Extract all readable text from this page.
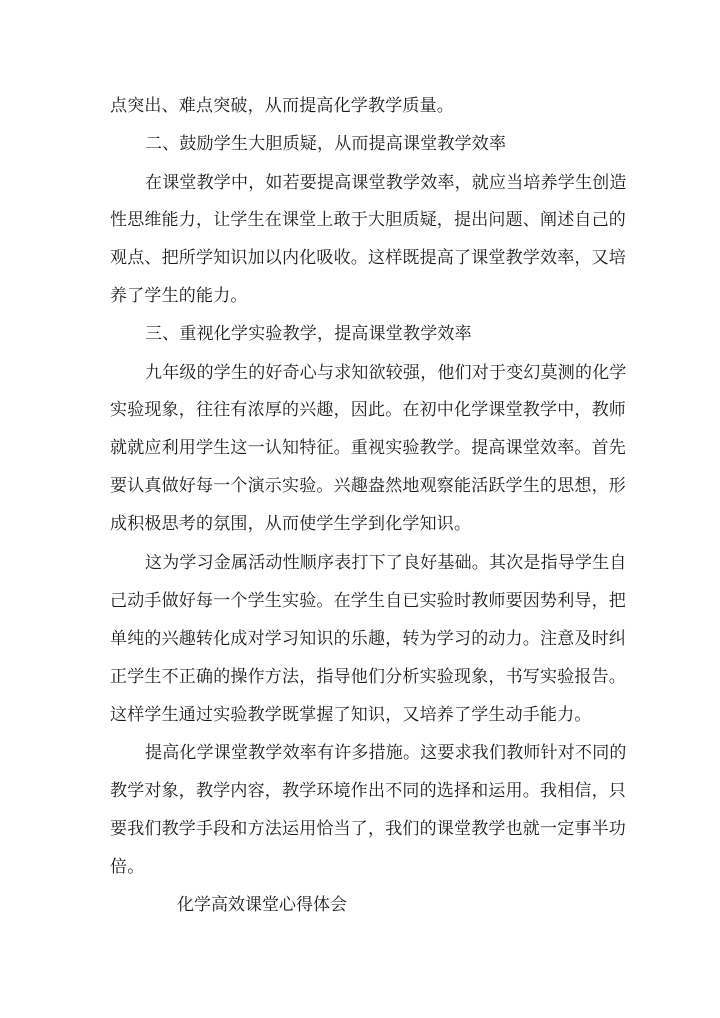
点突出、难点突破，从而提高化学教学质量。
二、鼓励学生大胆质疑，从而提高课堂教学效率
在课堂教学中，如若要提高课堂教学效率，就应当培养学生创造
性思维能力，让学生在课堂上敢于大胆质疑，提出问题、阐述自己的
观点、把所学知识加以内化吸收。这样既提高了课堂教学效率，又培
养了学生的能力。
三、重视化学实验教学，提高课堂教学效率
九年级的学生的好奇心与求知欲较强，他们对于变幻莫测的化学
实验现象，往往有浓厚的兴趣，因此。在初中化学课堂教学中，教师
就就应利用学生这一认知特征。重视实验教学。提高课堂效率。首先
要认真做好每一个演示实验。兴趣盎然地观察能活跃学生的思想，形
成积极思考的氛围，从而使学生学到化学知识。
这为学习金属活动性顺序表打下了良好基础。其次是指导学生自
己动手做好每一个学生实验。在学生自已实验时教师要因势利导，把
单纯的兴趣转化成对学习知识的乐趣，转为学习的动力。注意及时纠
正学生不正确的操作方法，指导他们分析实验现象，书写实验报告。
这样学生通过实验教学既掌握了知识，又培养了学生动手能力。
提高化学课堂教学效率有许多措施。这要求我们教师针对不同的
教学对象，教学内容，教学环境作出不同的选择和运用。我相信，只
要我们教学手段和方法运用恰当了，我们的课堂教学也就一定事半功
倍。
化学高效课堂心得体会
